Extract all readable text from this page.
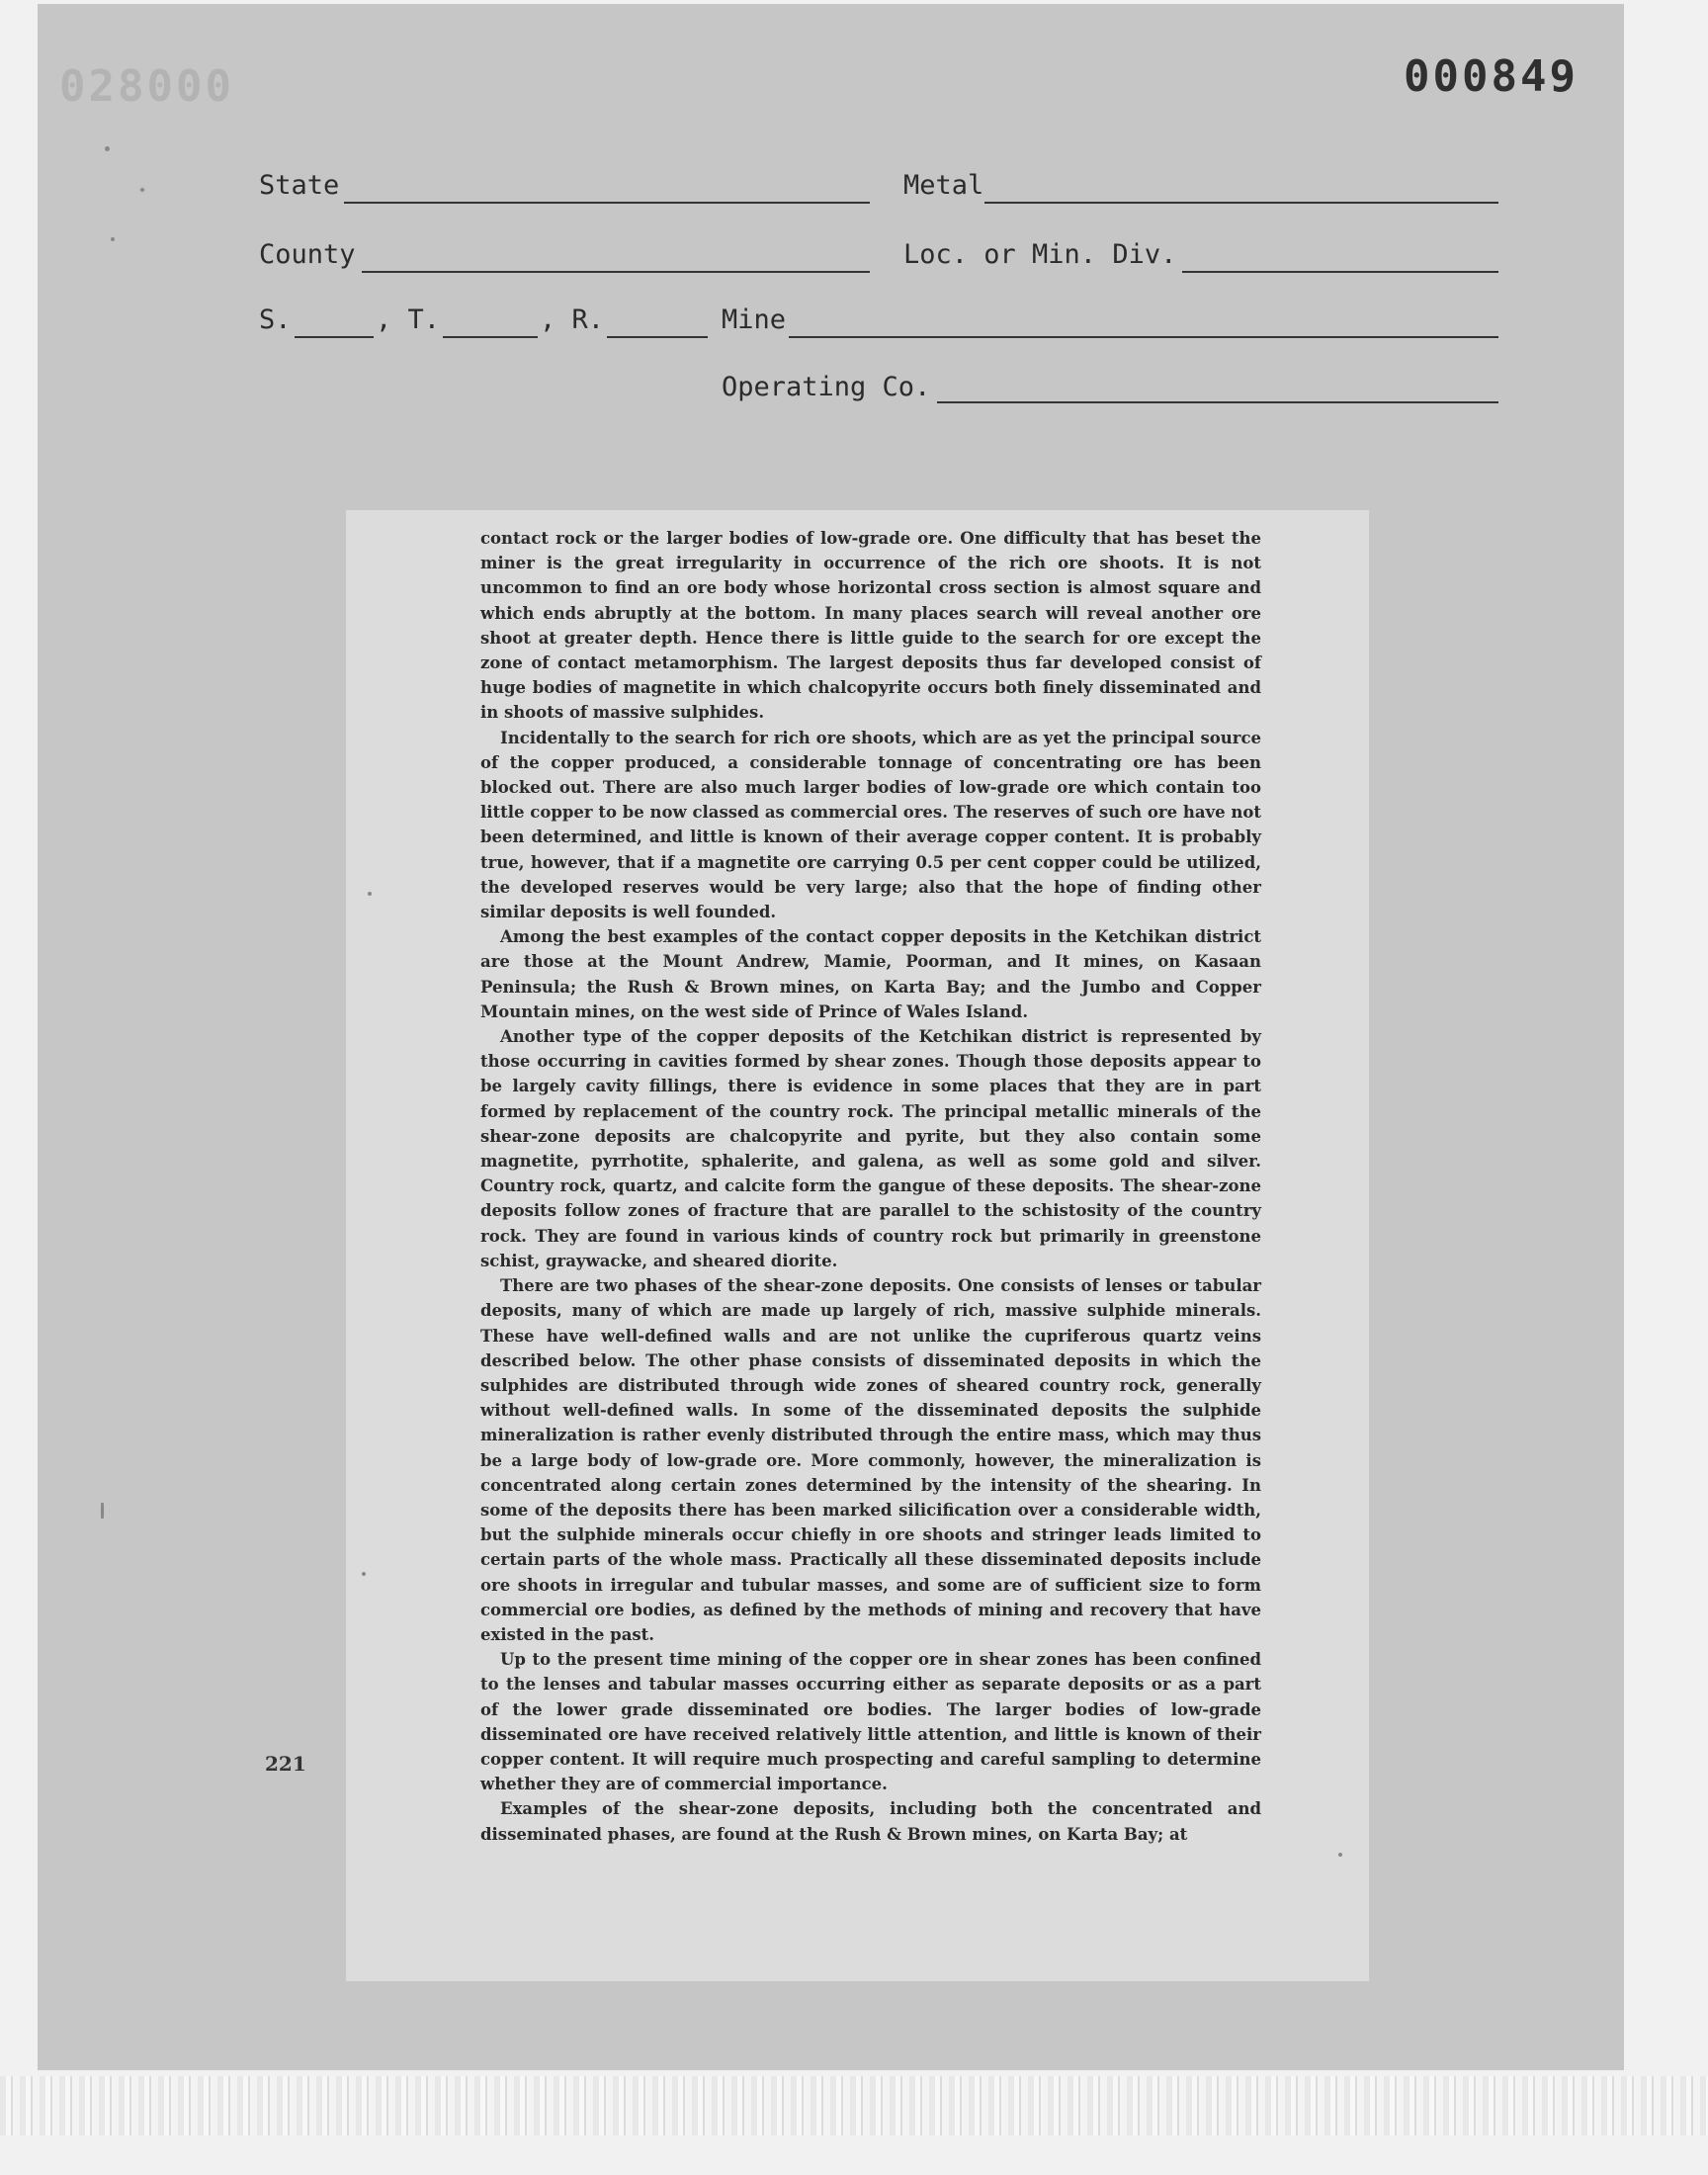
028000	000849
State	Metal
County	Loc. or Min. Div.
S.	, T.	, R.	Mine
Operating Co.

contact rock or the larger bodies of low-grade ore. One difficulty that has beset the miner is the great irregularity in occurrence of the rich ore shoots. It is not uncommon to find an ore body whose horizontal cross section is almost square and which ends abruptly at the bottom. In many places search will reveal another ore shoot at greater depth. Hence there is little guide to the search for ore except the zone of contact metamorphism. The largest deposits thus far developed consist of huge bodies of magnetite in which chalcopyrite occurs both finely disseminated and in shoots of massive sulphides.

Incidentally to the search for rich ore shoots, which are as yet the principal source of the copper produced, a considerable tonnage of concentrating ore has been blocked out. There are also much larger bodies of low-grade ore which contain too little copper to be now classed as commercial ores. The reserves of such ore have not been determined, and little is known of their average copper content. It is probably true, however, that if a magnetite ore carrying 0.5 per cent copper could be utilized, the developed reserves would be very large; also that the hope of finding other similar deposits is well founded.

Among the best examples of the contact copper deposits in the Ketchikan district are those at the Mount Andrew, Mamie, Poorman, and It mines, on Kasaan Peninsula; the Rush & Brown mines, on Karta Bay; and the Jumbo and Copper Mountain mines, on the west side of Prince of Wales Island.

Another type of the copper deposits of the Ketchikan district is represented by those occurring in cavities formed by shear zones. Though those deposits appear to be largely cavity fillings, there is evidence in some places that they are in part formed by replacement of the country rock. The principal metallic minerals of the shear-zone deposits are chalcopyrite and pyrite, but they also contain some magnetite, pyrrhotite, sphalerite, and galena, as well as some gold and silver. Country rock, quartz, and calcite form the gangue of these deposits. The shear-zone deposits follow zones of fracture that are parallel to the schistosity of the country rock. They are found in various kinds of country rock but primarily in greenstone schist, graywacke, and sheared diorite.

There are two phases of the shear-zone deposits. One consists of lenses or tabular deposits, many of which are made up largely of rich, massive sulphide minerals. These have well-defined walls and are not unlike the cupriferous quartz veins described below. The other phase consists of disseminated deposits in which the sulphides are distributed through wide zones of sheared country rock, generally without well-defined walls. In some of the disseminated deposits the sulphide mineralization is rather evenly distributed through the entire mass, which may thus be a large body of low-grade ore. More commonly, however, the mineralization is concentrated along certain zones determined by the intensity of the shearing. In some of the deposits there has been marked silicification over a considerable width, but the sulphide minerals occur chiefly in ore shoots and stringer leads limited to certain parts of the whole mass. Practically all these disseminated deposits include ore shoots in irregular and tubular masses, and some are of sufficient size to form commercial ore bodies, as defined by the methods of mining and recovery that have existed in the past.

Up to the present time mining of the copper ore in shear zones has been confined to the lenses and tabular masses occurring either as separate deposits or as a part of the lower grade disseminated ore bodies. The larger bodies of low-grade disseminated ore have received relatively little attention, and little is known of their copper content. It will require much prospecting and careful sampling to determine whether they are of commercial importance.

Examples of the shear-zone deposits, including both the concentrated and disseminated phases, are found at the Rush & Brown mines, on Karta Bay; at

221
